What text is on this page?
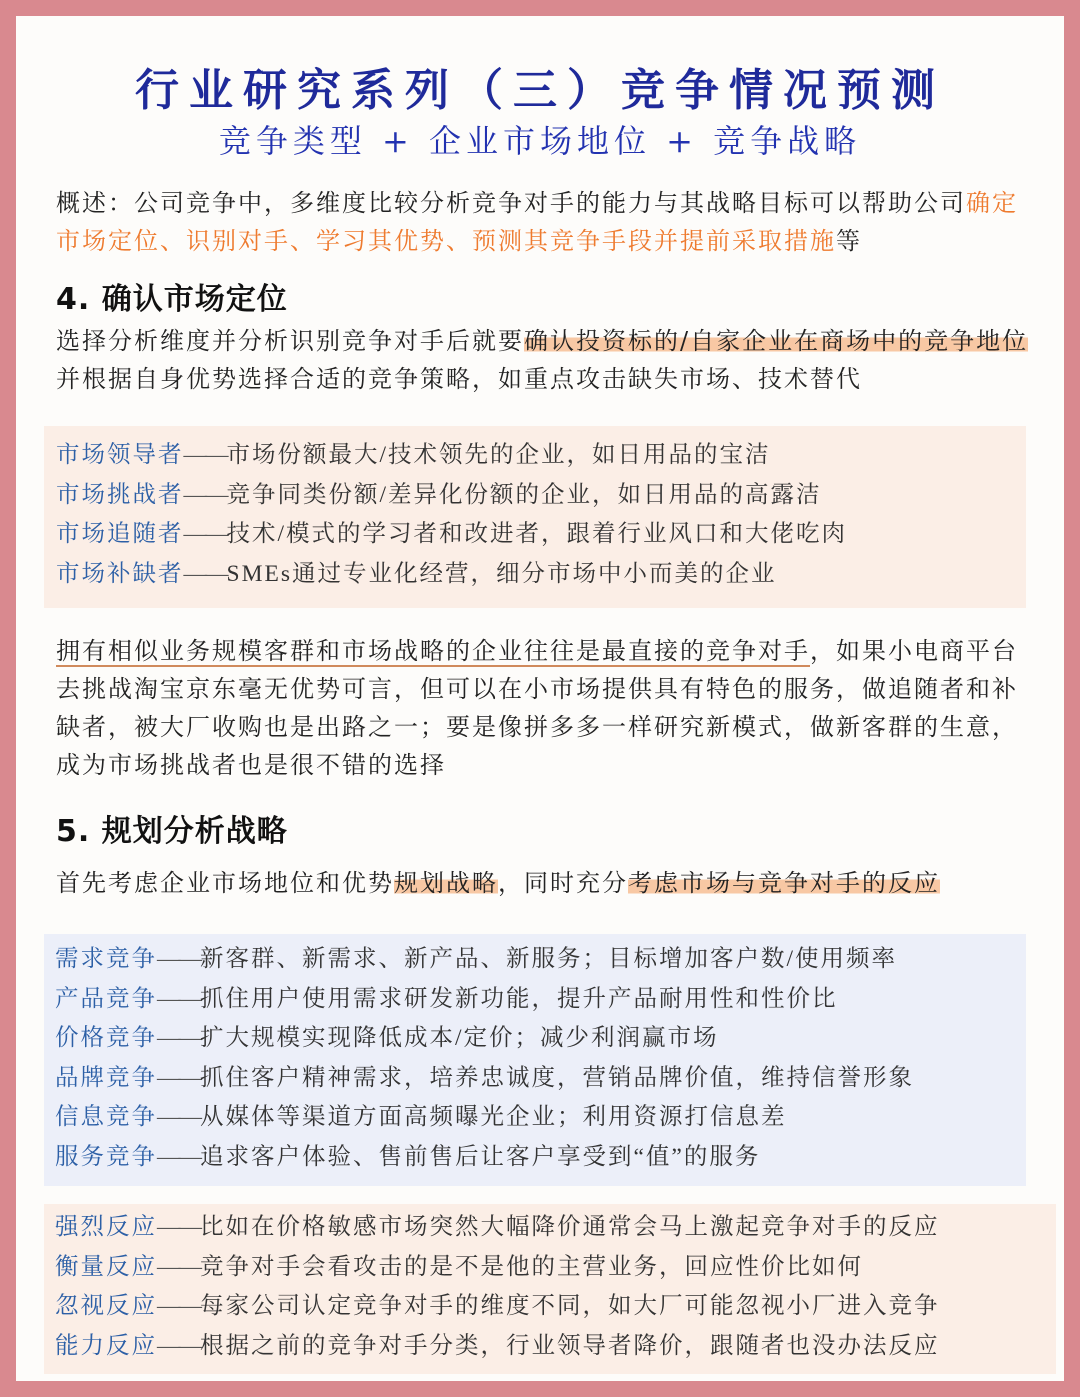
行业研究系列（三）竞争情况预测
竞争类型 + 企业市场地位 + 竞争战略
概述：公司竞争中，多维度比较分析竞争对手的能力与其战略目标可以帮助公司确定市场定位、识别对手、学习其优势、预测其竞争手段并提前采取措施等
4. 确认市场定位
选择分析维度并分析识别竞争对手后就要确认投资标的/自家企业在商场中的竞争地位并根据自身优势选择合适的竞争策略，如重点攻击缺失市场、技术替代
市场领导者——市场份额最大/技术领先的企业，如日用品的宝洁
市场挑战者——竞争同类份额/差异化份额的企业，如日用品的高露洁
市场追随者——技术/模式的学习者和改进者，跟着行业风口和大佬吃肉
市场补缺者——SMEs通过专业化经营，细分市场中小而美的企业
拥有相似业务规模客群和市场战略的企业往往是最直接的竞争对手，如果小电商平台去挑战淘宝京东毫无优势可言，但可以在小市场提供具有特色的服务，做追随者和补缺者，被大厂收购也是出路之一；要是像拼多多一样研究新模式，做新客群的生意，成为市场挑战者也是很不错的选择
5. 规划分析战略
首先考虑企业市场地位和优势规划战略，同时充分考虑市场与竞争对手的反应
需求竞争——新客群、新需求、新产品、新服务；目标增加客户数/使用频率
产品竞争——抓住用户使用需求研发新功能，提升产品耐用性和性价比
价格竞争——扩大规模实现降低成本/定价；减少利润赢市场
品牌竞争——抓住客户精神需求，培养忠诚度，营销品牌价值，维持信誉形象
信息竞争——从媒体等渠道方面高频曝光企业；利用资源打信息差
服务竞争——追求客户体验、售前售后让客户享受到“值”的服务
强烈反应——比如在价格敏感市场突然大幅降价通常会马上激起竞争对手的反应
衡量反应——竞争对手会看攻击的是不是他的主营业务，回应性价比如何
忽视反应——每家公司认定竞争对手的维度不同，如大厂可能忽视小厂进入竞争
能力反应——根据之前的竞争对手分类，行业领导者降价，跟随者也没办法反应
